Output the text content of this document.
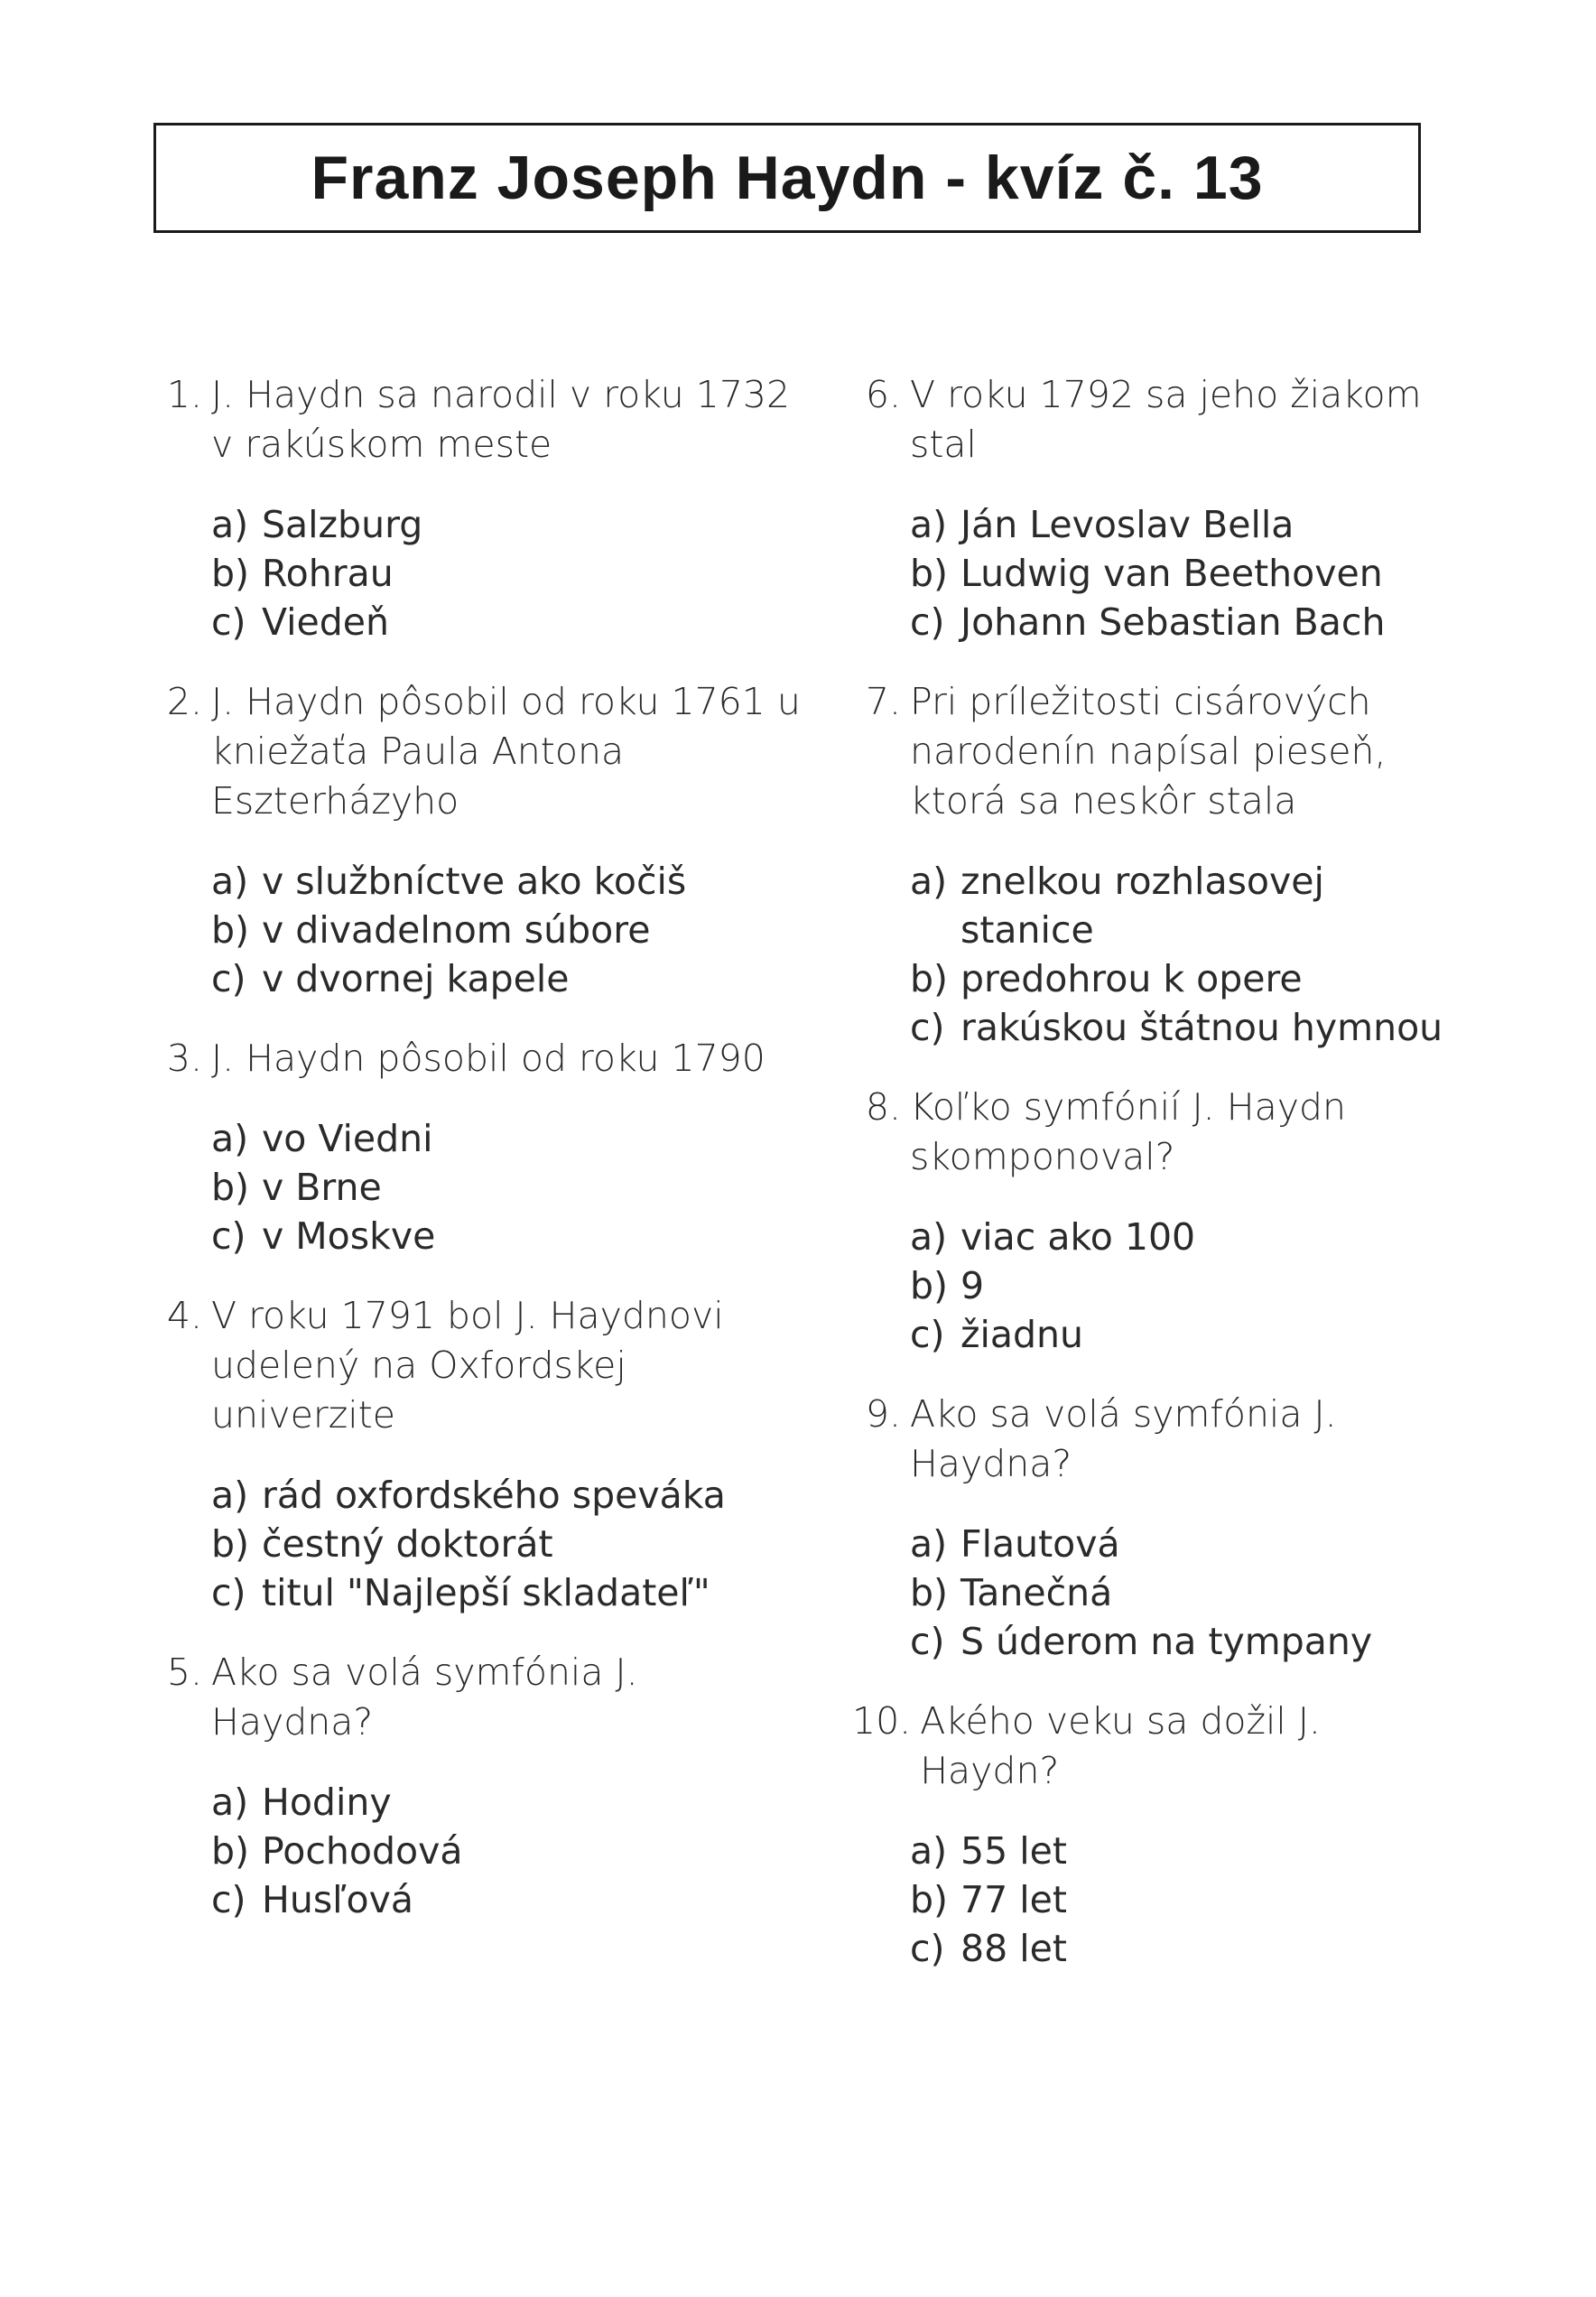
Franz Joseph Haydn - kvíz č. 13
1. J. Haydn sa narodil v roku 1732 v rakúskom meste
a) Salzburg
b) Rohrau
c) Viedeň
2. J. Haydn pôsobil od roku 1761 u kniežaťa Paula Antona Eszterházyho
a) v službníctve ako kočiš
b) v divadelnom súbore
c) v dvornej kapele
3. J. Haydn pôsobil od roku 1790
a) vo Viedni
b) v Brne
c) v Moskve
4. V roku 1791 bol J. Haydnovi udelený na Oxfordskej univerzite
a) rád oxfordského speváka
b) čestný doktorát
c) titul "Najlepší skladateľ"
5. Ako sa volá symfónia J. Haydna?
a) Hodiny
b) Pochodová
c) Husľová
6. V roku 1792 sa jeho žiakom stal
a) Ján Levoslav Bella
b) Ludwig van Beethoven
c) Johann Sebastian Bach
7. Pri príležitosti cisárových narodenín napísal pieseň, ktorá sa neskôr stala
a) znelkou rozhlasovej stanice
b) predohrou k opere
c) rakúskou štátnou hymnou
8. Koľko symfónií J. Haydn skomponoval?
a) viac ako 100
b) 9
c) žiadnu
9. Ako sa volá symfónia J. Haydna?
a) Flautová
b) Tanečná
c) S úderom na tympany
10. Akého veku sa dožil J. Haydn?
a) 55 let
b) 77 let
c) 88 let
